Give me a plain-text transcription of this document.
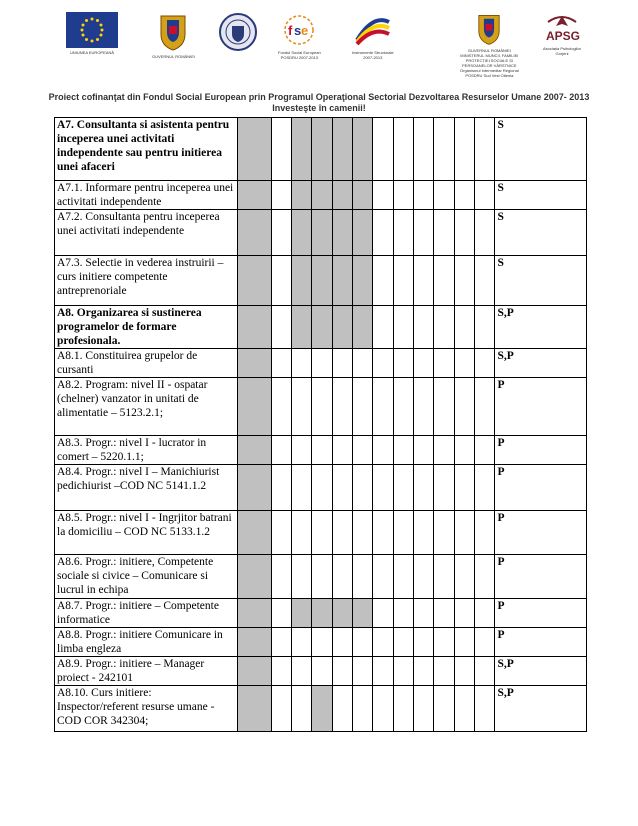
UNIUNEA EUROPEANĂ
GUVERNUL ROMÂNIEI
f s e
Fondul Social European
POSDRU 2007-2013
Instrumente Structurale
2007-2013
GUVERNUL ROMÂNIEI
MINISTERUL MUNCII, FAMILIEI
PROTECȚIEI SOCIALE ȘI
PERSOANELOR VÂRSTNICE
Organismul Intermediar Regional
POSDRU Sud Vest Oltenia
APSG
Asociația Psihologilor
Gorjeni
Proiect cofinanţat din Fondul Social European prin Programul Operaţional Sectorial Dezvoltarea Resurselor Umane 2007- 2013
Investeşte în camenii!
A7. Consultanta si asistenta pentru inceperea unei activitati independente sau pentru initierea unei afaceri													S
A7.1. Informare pentru inceperea unei activitati independente													S
A7.2. Consultanta pentru inceperea unei activitati independente													S
A7.3. Selectie in vederea instruirii – curs initiere competente antreprenoriale													S
A8. Organizarea si sustinerea programelor de formare profesionala.													S,P
A8.1. Constituirea grupelor de cursanti													S,P
A8.2. Program: nivel II - ospatar (chelner) vanzator in unitati de alimentatie – 5123.2.1;													P
A8.3. Progr.: nivel I - lucrator in comert – 5220.1.1;													P
A8.4. Progr.: nivel I – Manichiurist pedichiurist –COD NC 5141.1.2													P
A8.5. Progr.: nivel I - Ingrjitor batrani la domiciliu – COD NC 5133.1.2													P
A8.6. Progr.: initiere, Competente sociale si civice – Comunicare si lucrul in echipa													P
A8.7. Progr.: initiere – Competente informatice													P
A8.8. Progr.: initiere Comunicare in limba engleza													P
A8.9. Progr.: initiere – Manager proiect - 242101													S,P
A8.10. Curs initiere: Inspector/referent resurse umane - COD COR 342304;													S,P
